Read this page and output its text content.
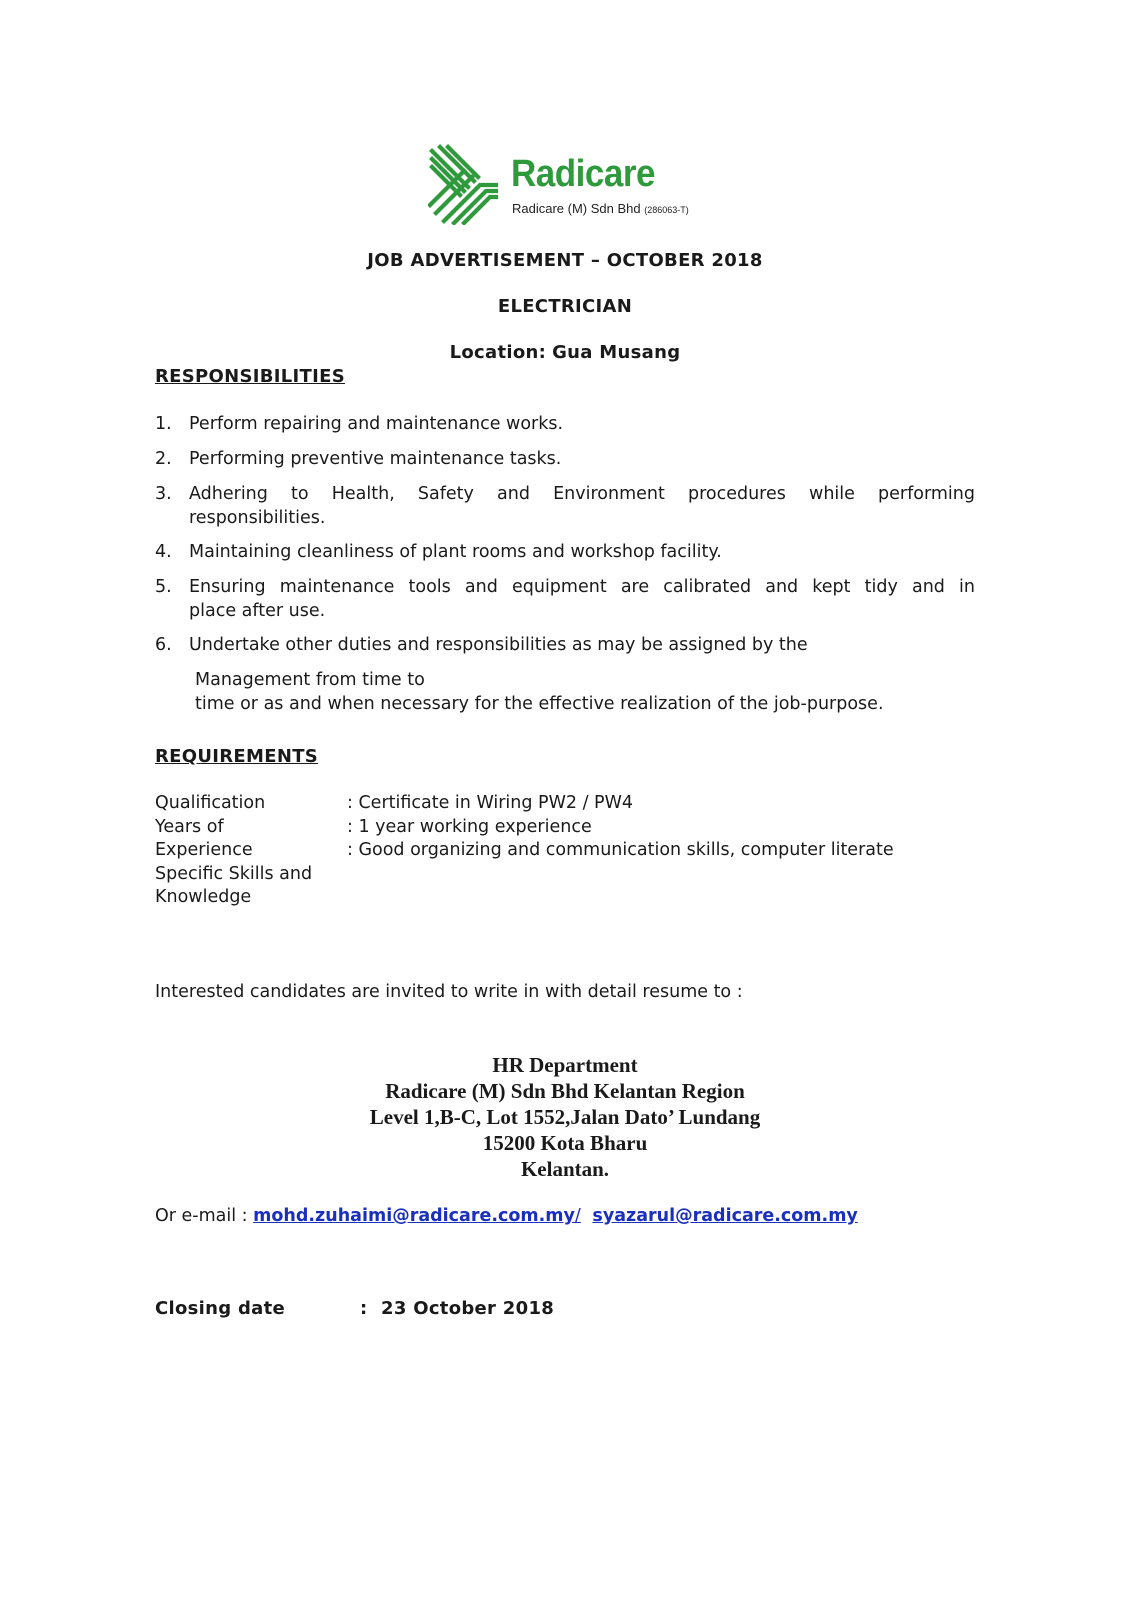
Radicare
Radicare (M) Sdn Bhd (286063-T)
JOB ADVERTISEMENT – OCTOBER 2018
ELECTRICIAN
Location: Gua Musang
RESPONSIBILITIES
1. Perform repairing and maintenance works.
2. Performing preventive maintenance tasks.
3. Adhering to Health, Safety and Environment procedures while performing
responsibilities.
4. Maintaining cleanliness of plant rooms and workshop facility.
5. Ensuring maintenance tools and equipment are calibrated and kept tidy and in
place after use.
6. Undertake other duties and responsibilities as may be assigned by the
Management from time to
time or as and when necessary for the effective realization of the job-purpose.
REQUIREMENTS
Qualification
Years of
Experience
Specific Skills and
Knowledge
: Certificate in Wiring PW2 / PW4
: 1 year working experience
: Good organizing and communication skills, computer literate
Interested candidates are invited to write in with detail resume to :
HR Department
Radicare (M) Sdn Bhd Kelantan Region
Level 1,B-C, Lot 1552,Jalan Dato’ Lundang
15200 Kota Bharu
Kelantan.
Or e-mail : mohd.zuhaimi@radicare.com.my/ syazarul@radicare.com.my
Closing date	: 23 October 2018
